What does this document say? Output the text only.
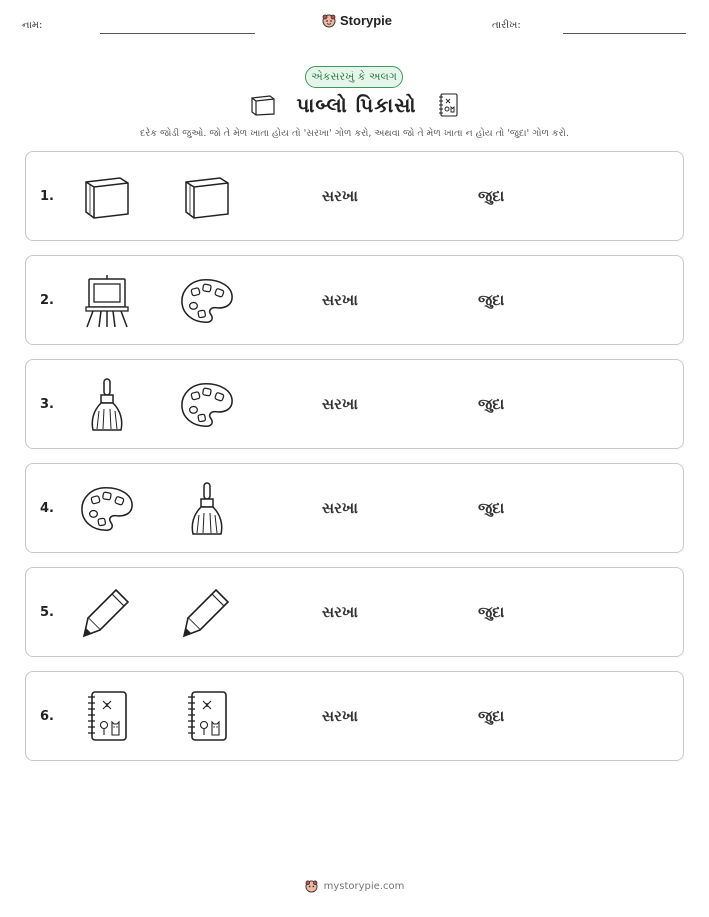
નામ:	Storypie	તારીખ:
એકસરખું કે અલગ
પાબ્લો પિકાસો
દરેક જોડી જુઓ. જો તે મેળ ખાતા હોય તો 'સરખા' ગોળ કરો, અથવા જો તે મેળ ખાતા ન હોય તો 'જુદા' ગોળ કરો.
1.	સરખા	જુદા
2.	સરખા	જુદા
3.	સરખા	જુદા
4.	સરખા	જુદા
5.	સરખા	જુદા
6.	સરખા	જુદા
mystorypie.com
